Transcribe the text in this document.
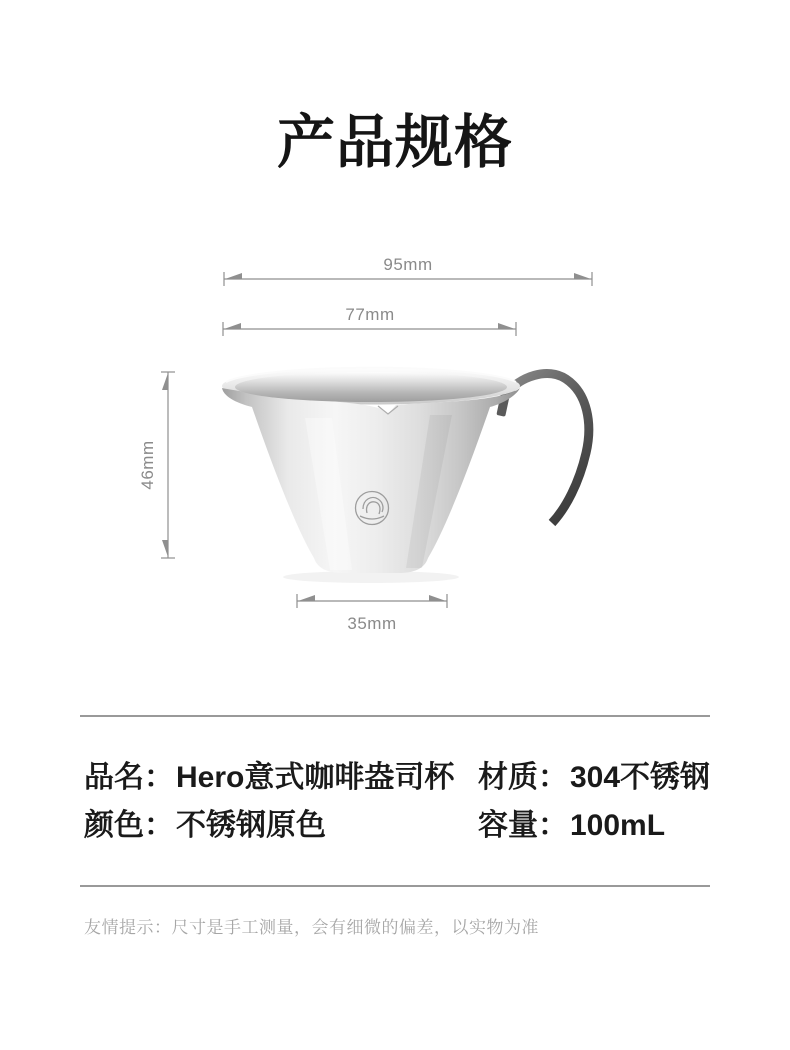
产品规格
95mm
77mm
46mm
35mm
品名：Hero意式咖啡盎司杯 材质：304不锈钢
颜色：不锈钢原色	容量：100mL
友情提示：尺寸是手工测量，会有细微的偏差，以实物为准
